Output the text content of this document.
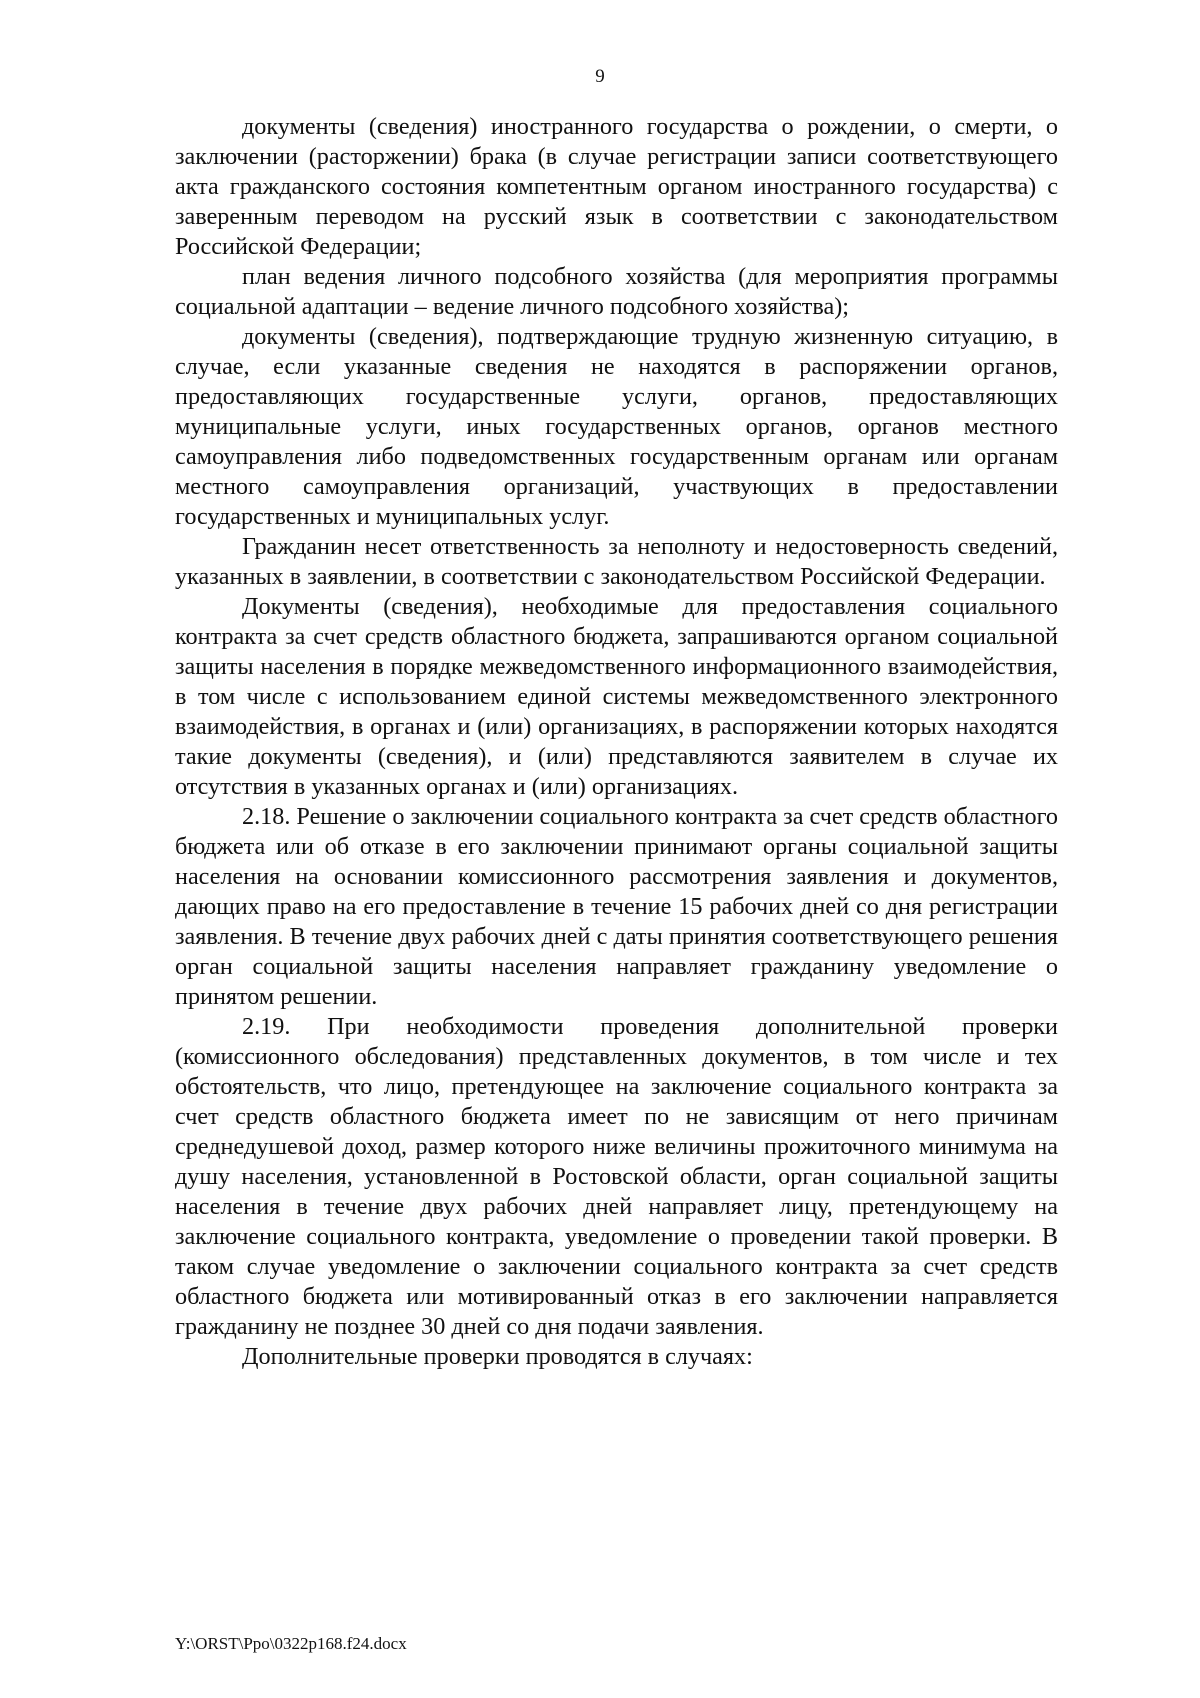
9

документы (сведения) иностранного государства о рождении, о смерти, о заключении (расторжении) брака (в случае регистрации записи соответствующего акта гражданского состояния компетентным органом иностранного государства) с заверенным переводом на русский язык в соответствии с законодательством Российской Федерации;

план ведения личного подсобного хозяйства (для мероприятия программы социальной адаптации – ведение личного подсобного хозяйства);

документы (сведения), подтверждающие трудную жизненную ситуацию, в случае, если указанные сведения не находятся в распоряжении органов, предоставляющих государственные услуги, органов, предоставляющих муниципальные услуги, иных государственных органов, органов местного самоуправления либо подведомственных государственным органам или органам местного самоуправления организаций, участвующих в предоставлении государственных и муниципальных услуг.

Гражданин несет ответственность за неполноту и недостоверность сведений, указанных в заявлении, в соответствии с законодательством Российской Федерации.

Документы (сведения), необходимые для предоставления социального контракта за счет средств областного бюджета, запрашиваются органом социальной защиты населения в порядке межведомственного информационного взаимодействия, в том числе с использованием единой системы межведомственного электронного взаимодействия, в органах и (или) организациях, в распоряжении которых находятся такие документы (сведения), и (или) представляются заявителем в случае их отсутствия в указанных органах и (или) организациях.

2.18. Решение о заключении социального контракта за счет средств областного бюджета или об отказе в его заключении принимают органы социальной защиты населения на основании комиссионного рассмотрения заявления и документов, дающих право на его предоставление в течение 15 рабочих дней со дня регистрации заявления. В течение двух рабочих дней с даты принятия соответствующего решения орган социальной защиты населения направляет гражданину уведомление о принятом решении.

2.19. При необходимости проведения дополнительной проверки (комиссионного обследования) представленных документов, в том числе и тех обстоятельств, что лицо, претендующее на заключение социального контракта за счет средств областного бюджета имеет по не зависящим от него причинам среднедушевой доход, размер которого ниже величины прожиточного минимума на душу населения, установленной в Ростовской области, орган социальной защиты населения в течение двух рабочих дней направляет лицу, претендующему на заключение социального контракта, уведомление о проведении такой проверки. В таком случае уведомление о заключении социального контракта за счет средств областного бюджета или мотивированный отказ в его заключении направляется гражданину не позднее 30 дней со дня подачи заявления.

Дополнительные проверки проводятся в случаях:

Y:\ORST\Ppo\0322p168.f24.docx
